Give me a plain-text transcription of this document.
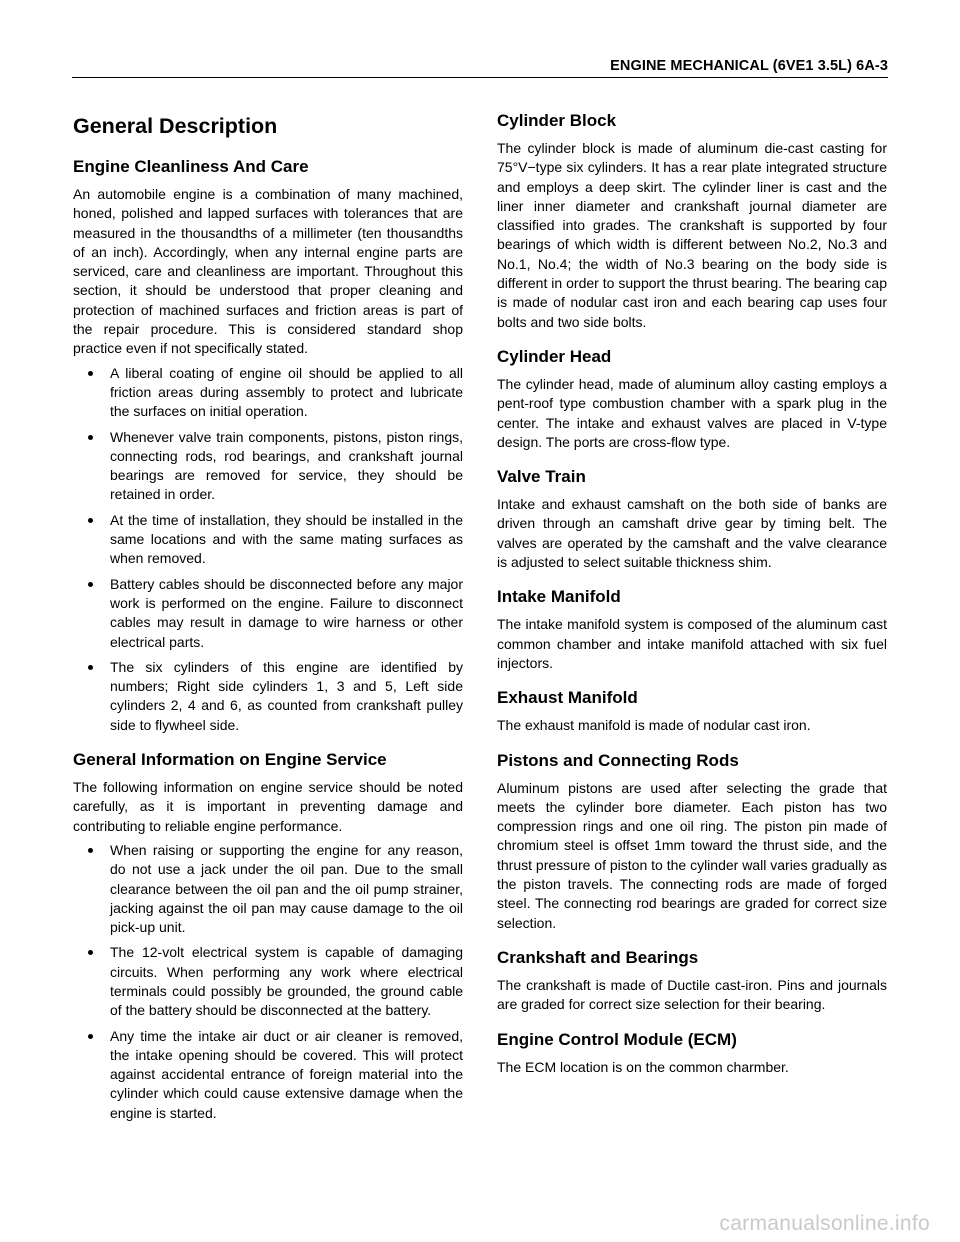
ENGINE MECHANICAL (6VE1 3.5L) 6A-3
General Description
Engine Cleanliness And Care

An automobile engine is a combination of many machined, honed, polished and lapped surfaces with tolerances that are measured in the thousandths of a millimeter (ten thousandths of an inch). Accordingly, when any internal engine parts are serviced, care and cleanliness are important. Throughout this section, it should be understood that proper cleaning and protection of machined surfaces and friction areas is part of the repair procedure. This is considered standard shop practice even if not specifically stated.

A liberal coating of engine oil should be applied to all friction areas during assembly to protect and lubricate the surfaces on initial operation.
Whenever valve train components, pistons, piston rings, connecting rods, rod bearings, and crankshaft journal bearings are removed for service, they should be retained in order.
At the time of installation, they should be installed in the same locations and with the same mating surfaces as when removed.
Battery cables should be disconnected before any major work is performed on the engine. Failure to disconnect cables may result in damage to wire harness or other electrical parts.
The six cylinders of this engine are identified by numbers; Right side cylinders 1, 3 and 5, Left side cylinders 2, 4 and 6, as counted from crankshaft pulley side to flywheel side.
General Information on Engine Service

The following information on engine service should be noted carefully, as it is important in preventing damage and contributing to reliable engine performance.

When raising or supporting the engine for any reason, do not use a jack under the oil pan. Due to the small clearance between the oil pan and the oil pump strainer, jacking against the oil pan may cause damage to the oil pick-up unit.
The 12-volt electrical system is capable of damaging circuits. When performing any work where electrical terminals could possibly be grounded, the ground cable of the battery should be disconnected at the battery.
Any time the intake air duct or air cleaner is removed, the intake opening should be covered. This will protect against accidental entrance of foreign material into the cylinder which could cause extensive damage when the engine is started.
Cylinder Block

The cylinder block is made of aluminum die-cast casting for 75°V−type six cylinders. It has a rear plate integrated structure and employs a deep skirt. The cylinder liner is cast and the liner inner diameter and crankshaft journal diameter are classified into grades. The crankshaft is supported by four bearings of which width is different between No.2, No.3 and No.1, No.4; the width of No.3 bearing on the body side is different in order to support the thrust bearing. The bearing cap is made of nodular cast iron and each bearing cap uses four bolts and two side bolts.

Cylinder Head

The cylinder head, made of aluminum alloy casting employs a pent-roof type combustion chamber with a spark plug in the center. The intake and exhaust valves are placed in V-type design. The ports are cross-flow type.

Valve Train

Intake and exhaust camshaft on the both side of banks are driven through an camshaft drive gear by timing belt. The valves are operated by the camshaft and the valve clearance is adjusted to select suitable thickness shim.

Intake Manifold

The intake manifold system is composed of the aluminum cast common chamber and intake manifold attached with six fuel injectors.

Exhaust Manifold

The exhaust manifold is made of nodular cast iron.

Pistons and Connecting Rods

Aluminum pistons are used after selecting the grade that meets the cylinder bore diameter. Each piston has two compression rings and one oil ring. The piston pin made of chromium steel is offset 1mm toward the thrust side, and the thrust pressure of piston to the cylinder wall varies gradually as the piston travels. The connecting rods are made of forged steel. The connecting rod bearings are graded for correct size selection.

Crankshaft and Bearings

The crankshaft is made of Ductile cast-iron. Pins and journals are graded for correct size selection for their bearing.

Engine Control Module (ECM)

The ECM location is on the common charmber.

carmanualsonline.info
